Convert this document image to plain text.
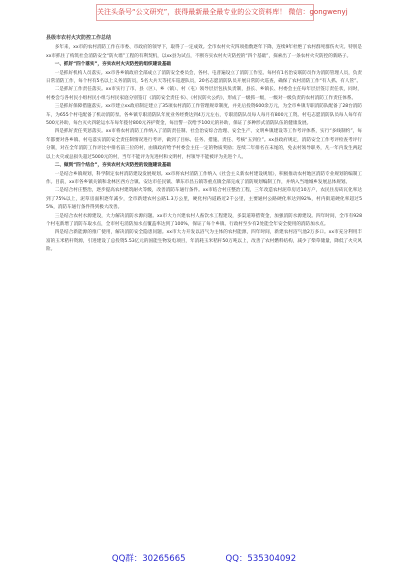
关注头条号“公文研究”，获得最新最全最专业的公文资料库！ 微信：gongwenyj
县级市农村火灾防控工作总结

多年来，xx市的农村消防工作在市委、市政府的领导下，取得了一定成效。全市农村火灾四项指数逐年下降，连续9年杜绝了农村群死群伤火灾。特别是xx市抓住了构筑社会消防安全“防火墙”工程的有利契机，以xx县为试点，不断夯实农村火灾防控的“四个基础”，探索出了一条农村火灾防控的新路子。

一、抓好“四个落实”，夯实农村火灾防控的组织建设基础

一是抓好机构人员落实。xx市各乡镇政府全部成立了消防安全委员会，各村、屯普遍设立了消防工作室。每村有1名治安联防员作为消防管理人员，负责日常消防工作，每个村有5名以上义务消防员，5名大兵天等托车巡逻队员，20名志愿消防队员开展日常防火巡查，确保了农村消防工作“有人抓、有人管”。

二是抓好工作责任落实。xx市实行了市、县（区）、乡（镇）、村（屯）领导层层包扶负责制，县长、乡镇长、村委会主任每年层层签订责任状，同时，村委会与各村民小组村民小组与村民家庭分别签订《消防安全责任书》、《村民防火公约》，形成了一级抓一级，一级对一级负责的农村消防工作责任体系。

三是抓好保障措施落实。xx市建立xx政府制定建立了35项农村消防工作管理规章制度，并先后投资600余万元，为全市乡镇专职消防队配备了28台消防车，为655个村屯配备了机动消防泵。各乡镇专职消防队年度业务经费达到4万元左右，专职消防队员每人每月有800元工资。村屯志愿消防队员每人每年有500元补助，每台灭火四轮运水车每年拨付800元养护资金，每出警一次给予100元的补助，保证了多种形式消防队伍的健康发展。

四是抓好责任奖惩落实。xx市将农村消防工作纳入了消防责任制、社会治安综合治理、安全生产、文明乡镇建设等工作考评体系，实行“多线制约”，每年都要对各乡镇、村屯落实消防安全责任制情况进行考评，做到了目标、任务、措施、责任、考核“五到位”。xx县政府规定，消防安全工作考评检查考评行分制，对在全年消防工作评比中排名前三位的村，由镇政府给予村委会主任一定的物质奖励；连续二年排名在末尾的，免去村领导职务，凡一年内发生两起以上火灾或总损失超过5000元的村，当年不能评为先进村和文明村，村领导不能被评为先进个人。

二、做到“四个结合”，夯实农村火灾防控的设施建设基础

一是结合乡镇规划，科学制定农村消防建设发展规划。xx市将农村消防工作纳入《社会主义新农村建设规划》，积极推动农村地区消防专业规划的编制工作。目前，xx市各乡镇关镇和北林区西方合镇、安达市任民镇、肇东市昌五镇等重点镇全部完成了消防规划编制工作，并纳入当地城乡发展总体规划。

二是结合村庄整治，逐步提高农村建筑耐火等级，改善消防车通行条件。xx市结合村庄整治工程，三年改造农村泥草房近10万户，农民住房砖瓦化率达到了75%以上，泥草房面积逐年减少，全市新建农村公路1.3万公里，硬化村内道路近2千公里，主要通村公路硬化率达到92%，村内街道硬化率超过55%，消防车通行条件得到极大改善。

三是结合农村水源建设，大力解决消防水源问题。xx市大力兴建农村人畜饮水工程建设，多渠道筹措资金，加强消防水源建设。四年时间，全市有928个村屯新增了消防车取水点，全市村屯消防加水点覆盖率达到了100%，保证了每个乡镇、行政村至少有2处能全年安全使用的消防加水点。

四是结合新能源的推广使用，解决消防安全隐患问题。xx市大力开发以沼气为主体的农村能源，四年时间，新建农村沼气池2万多口。xx市充分利用丰富的玉米秸秆资源，引进建设了总投资5.53亿元的国能生物发电项目，年消耗玉米秸秆50万吨以上，改善了农村燃料结构，减少了柴草储量，降低了火灾风险。

QQ群：30265665	QQ：535304092
